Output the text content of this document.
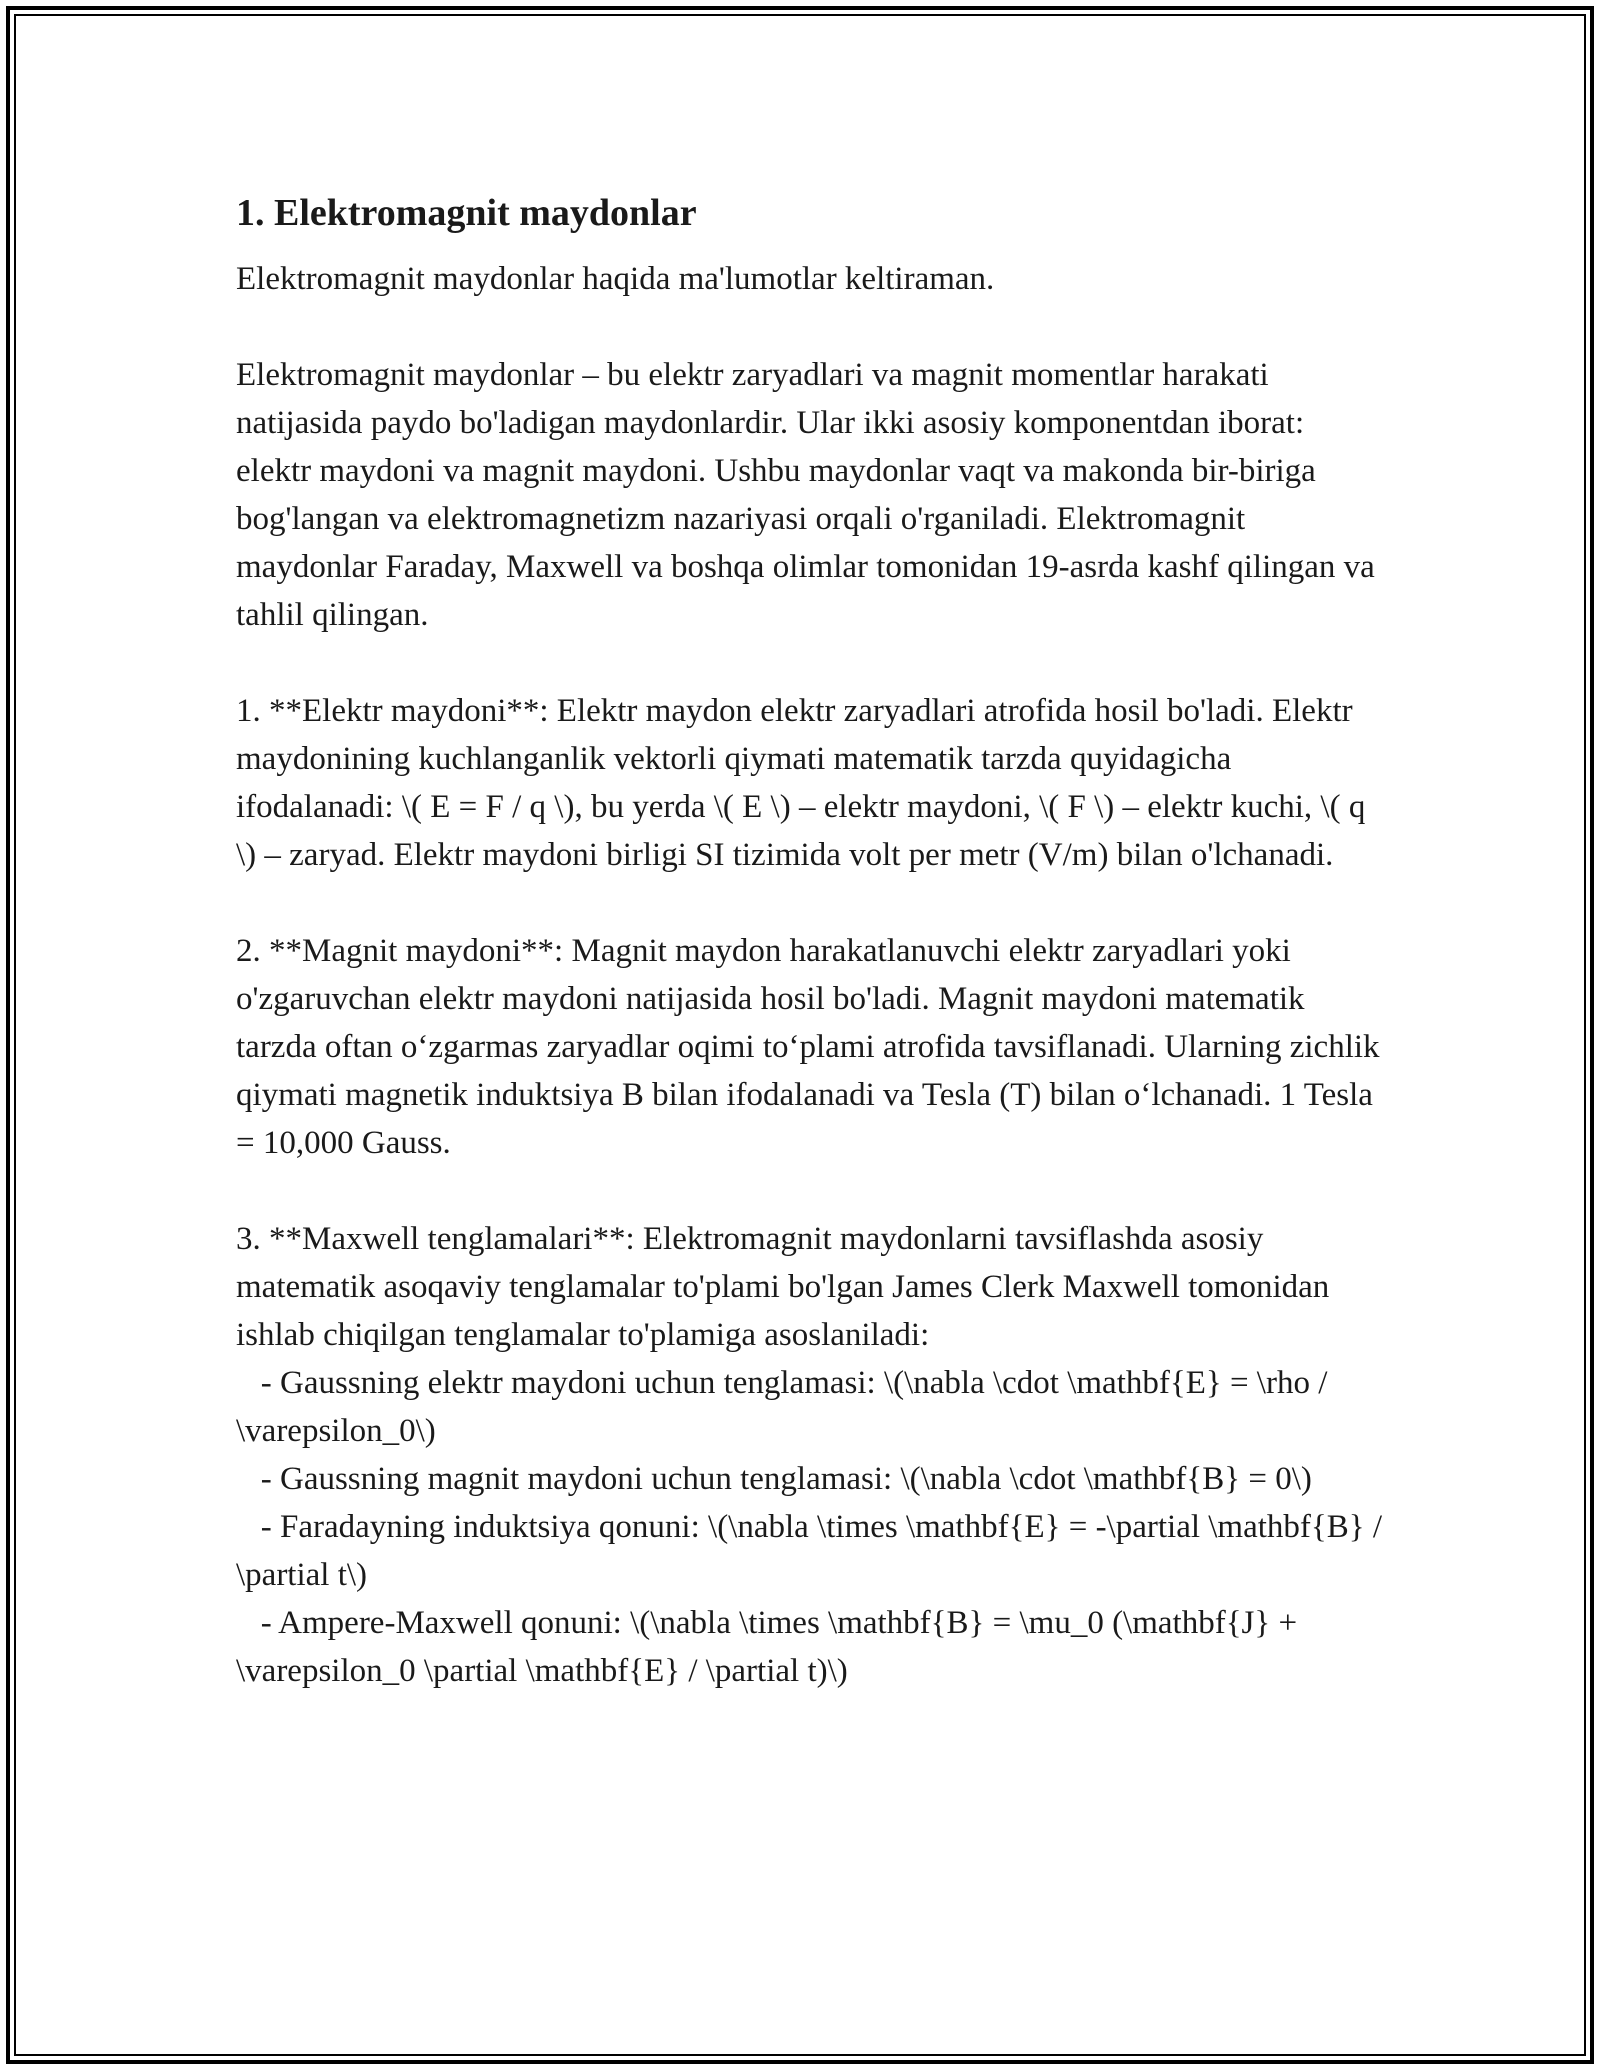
1. Elektromagnit maydonlar

Elektromagnit maydonlar haqida ma'lumotlar keltiraman.

Elektromagnit maydonlar – bu elektr zaryadlari va magnit momentlar harakati natijasida paydo bo'ladigan maydonlardir. Ular ikki asosiy komponentdan iborat: elektr maydoni va magnit maydoni. Ushbu maydonlar vaqt va makonda bir-biriga bog'langan va elektromagnetizm nazariyasi orqali o'rganiladi. Elektromagnit maydonlar Faraday, Maxwell va boshqa olimlar tomonidan 19-asrda kashf qilingan va tahlil qilingan.

1. **Elektr maydoni**: Elektr maydon elektr zaryadlari atrofida hosil bo'ladi. Elektr maydonining kuchlanganlik vektorli qiymati matematik tarzda quyidagicha ifodalanadi: \( E = F / q \), bu yerda \( E \) – elektr maydoni, \( F \) – elektr kuchi, \( q \) – zaryad. Elektr maydoni birligi SI tizimida volt per metr (V/m) bilan o'lchanadi.

2. **Magnit maydoni**: Magnit maydon harakatlanuvchi elektr zaryadlari yoki o'zgaruvchan elektr maydoni natijasida hosil bo'ladi. Magnit maydoni matematik tarzda oftan o‘zgarmas zaryadlar oqimi to‘plami atrofida tavsiflanadi. Ularning zichlik qiymati magnetik induktsiya B bilan ifodalanadi va Tesla (T) bilan o‘lchanadi. 1 Tesla = 10,000 Gauss.

3. **Maxwell tenglamalari**: Elektromagnit maydonlarni tavsiflashda asosiy matematik asoqaviy tenglamalar to'plami bo'lgan James Clerk Maxwell tomonidan ishlab chiqilgan tenglamalar to'plamiga asoslaniladi:

- Gaussning elektr maydoni uchun tenglamasi: \(\nabla \cdot \mathbf{E} = \rho / \varepsilon_0\)

- Gaussning magnit maydoni uchun tenglamasi: \(\nabla \cdot \mathbf{B} = 0\)

- Faradayning induktsiya qonuni: \(\nabla \times \mathbf{E} = -\partial \mathbf{B} / \partial t\)

- Ampere-Maxwell qonuni: \(\nabla \times \mathbf{B} = \mu_0 (\mathbf{J} + \varepsilon_0 \partial \mathbf{E} / \partial t)\)
